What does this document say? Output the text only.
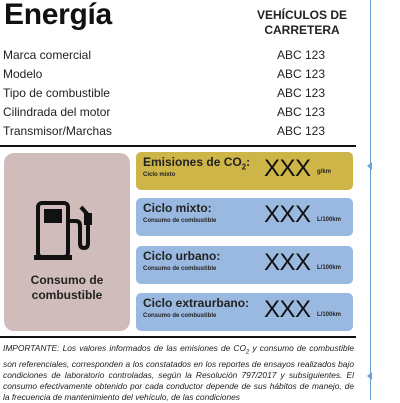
Energía	VEHÍCULOS DE CARRETERA
Marca comercial	ABC 123
Modelo	ABC 123
Tipo de combustible	ABC 123
Cilindrada del motor	ABC 123
Transmisor/Marchas	ABC 123
Consumo de combustible
Emisiones de $CO_2$:
Ciclo mixto	XXX g/km
Ciclo mixto:
Consumo de combustible XXX L/100km
Ciclo urbano:
Consumo de combustible XXX L/100km
Ciclo extraurbano:
Consumo de combustible XXX L/100km

IMPORTANTE: Los valores informados de las emisiones de $CO_2$ y consumo de combustible son referenciales, corresponden a los constatados en los reportes de ensayos realizados bajo condiciones de laboratorio controladas, según la Resolución 797/2017 y subsiguientes. El consumo efectivamente obtenido por cada conductor depende de sus hábitos de manejo, de la frecuencia de mantenimiento del vehículo, de las condiciones
